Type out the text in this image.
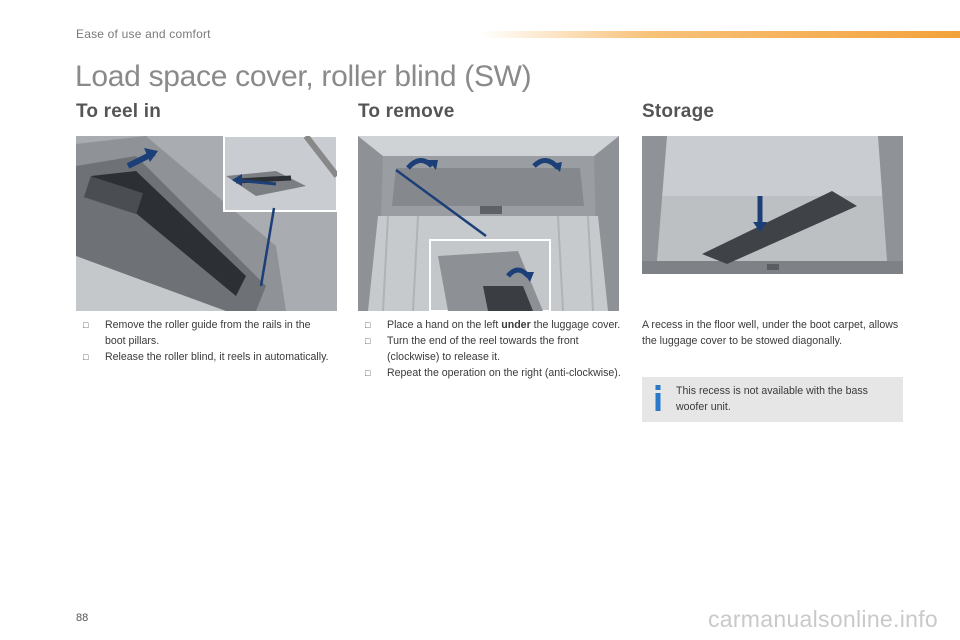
Ease of use and comfort
Load space cover, roller blind (SW)
To reel in
□ Remove the roller guide from the rails in the boot pillars.
□ Release the roller blind, it reels in automatically.
To remove
□ Place a hand on the left under the luggage cover.
□ Turn the end of the reel towards the front (clockwise) to release it.
□ Repeat the operation on the right (anti-clockwise).
Storage

A recess in the floor well, under the boot carpet, allows the luggage cover to be stowed diagonally.

This recess is not available with the bass woofer unit.

88	carmanualsonline.info
